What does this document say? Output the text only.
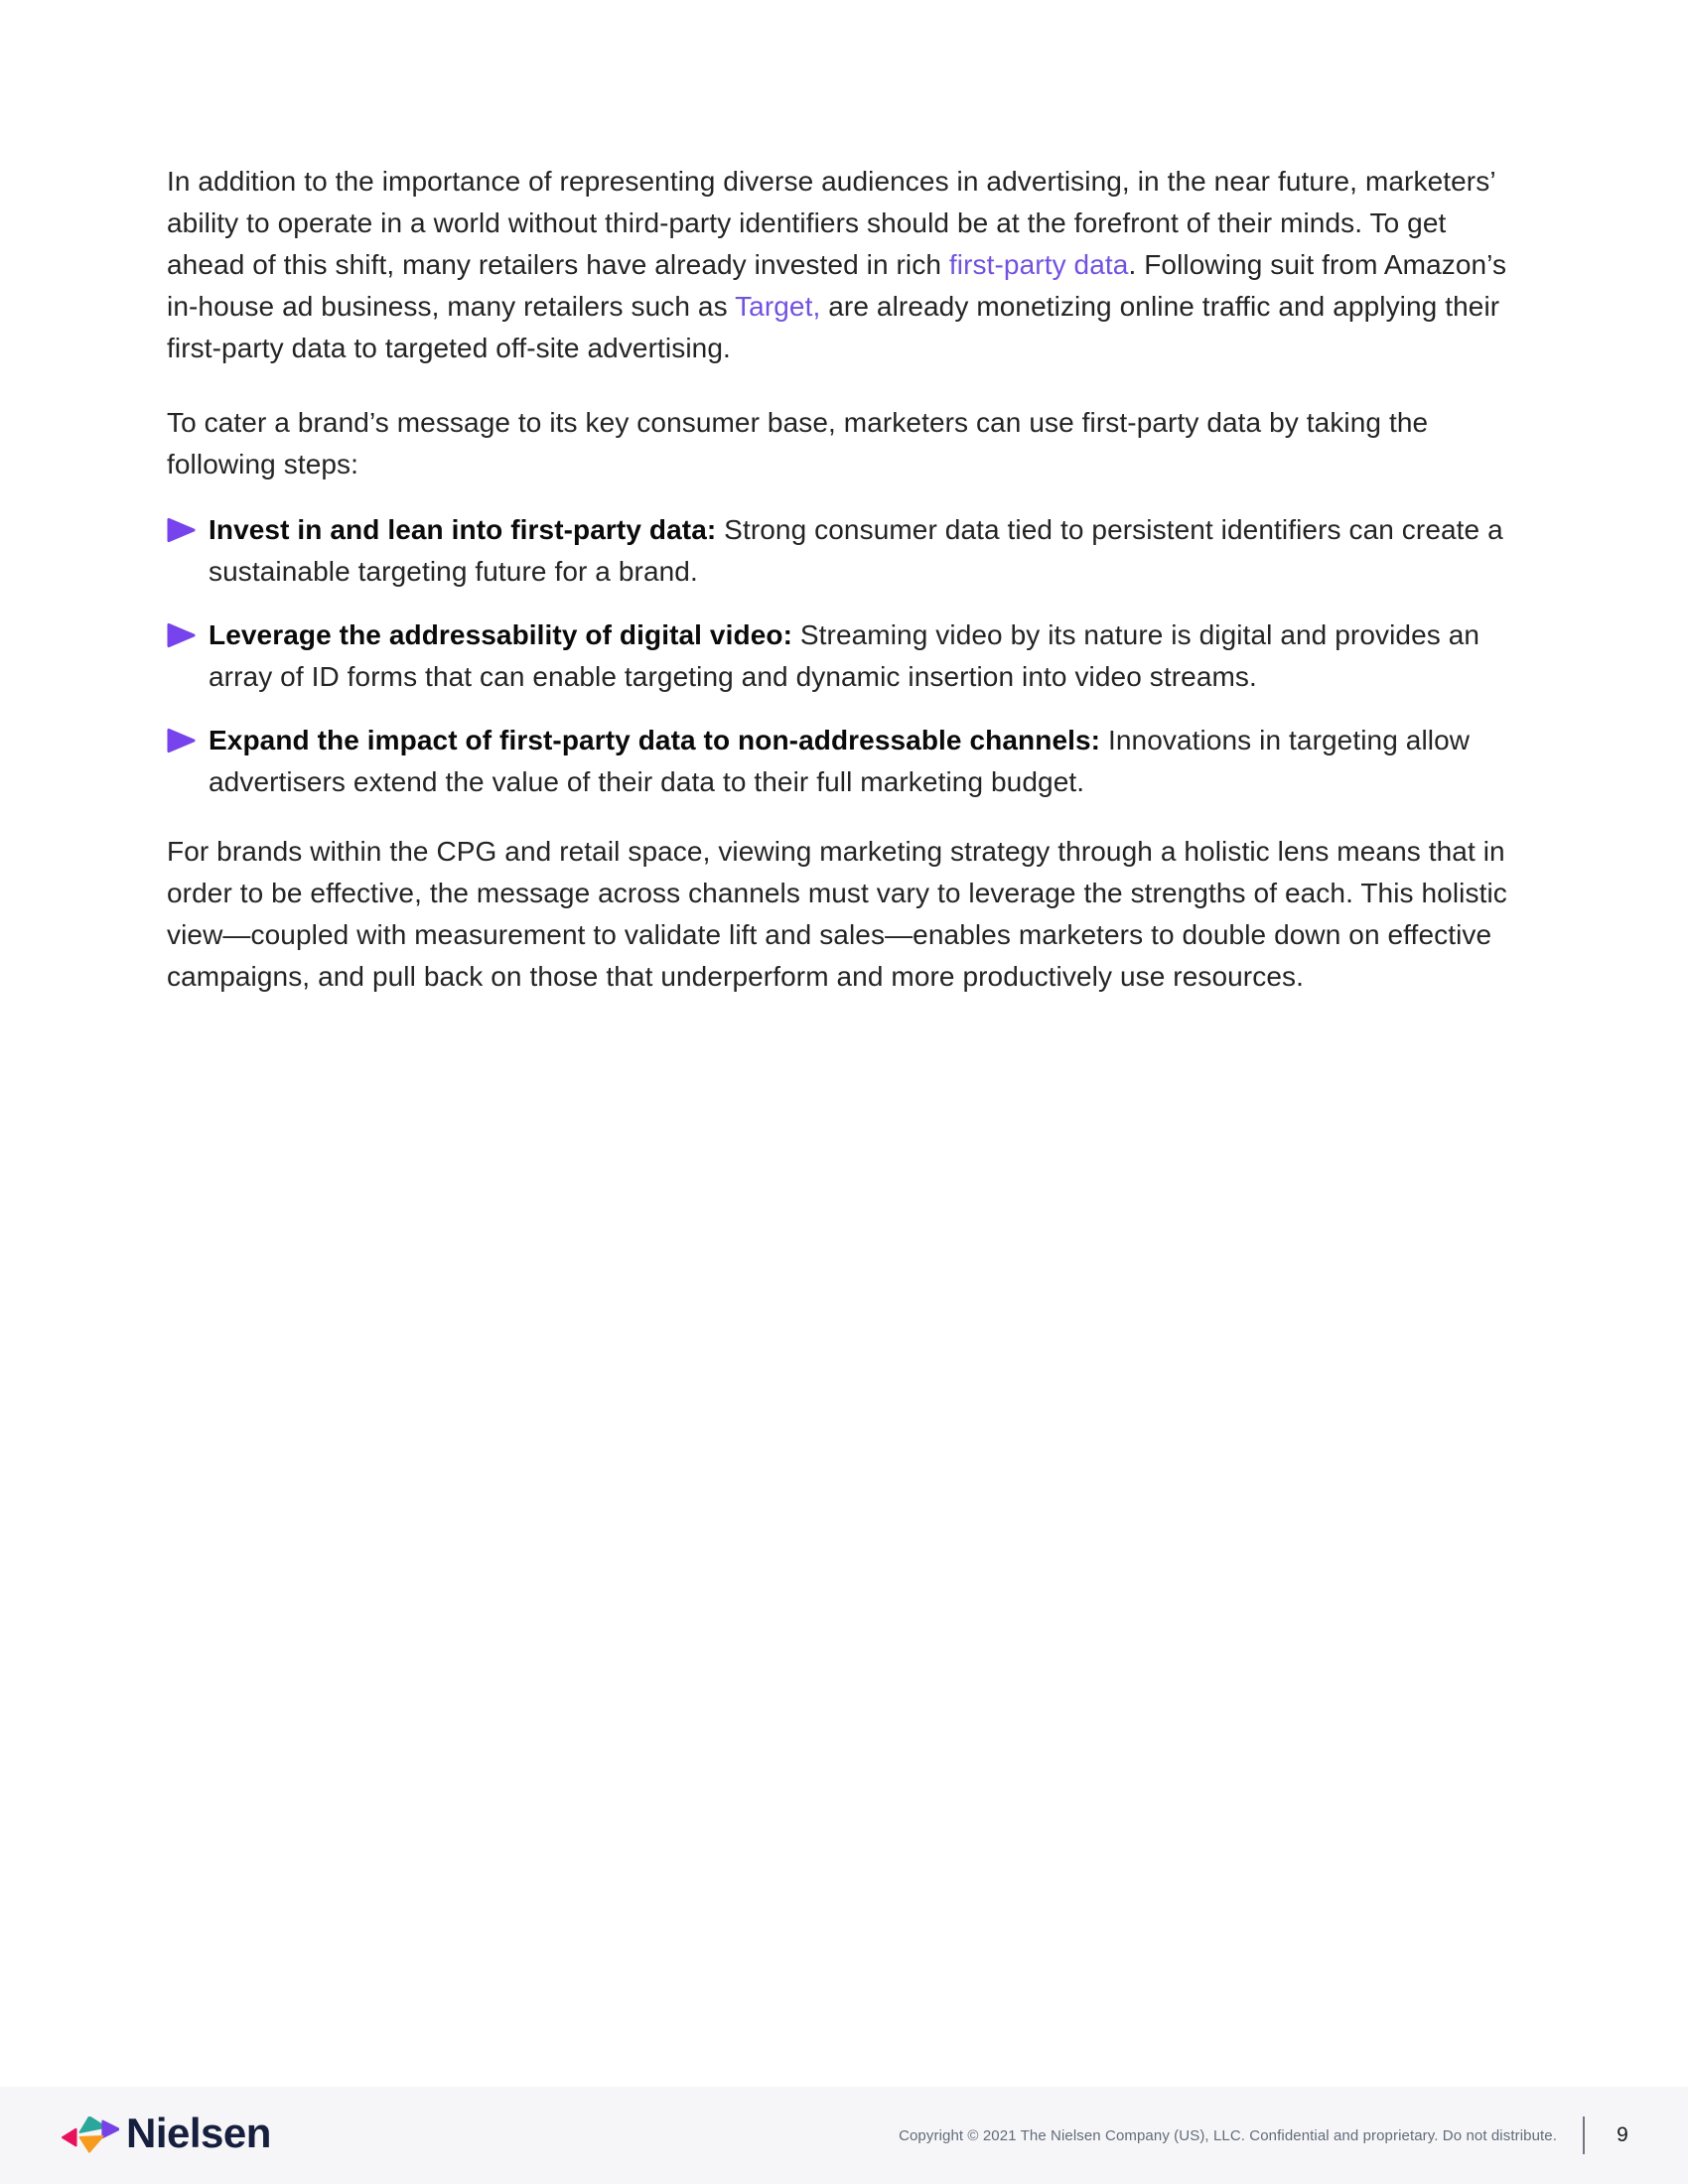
In addition to the importance of representing diverse audiences in advertising, in the near future, marketers’ ability to operate in a world without third-party identifiers should be at the forefront of their minds. To get ahead of this shift, many retailers have already invested in rich first-party data. Following suit from Amazon’s in-house ad business, many retailers such as Target, are already monetizing online traffic and applying their first-party data to targeted off-site advertising.

To cater a brand’s message to its key consumer base, marketers can use first-party data by taking the following steps:

Invest in and lean into first-party data: Strong consumer data tied to persistent identifiers can create a sustainable targeting future for a brand.

Leverage the addressability of digital video: Streaming video by its nature is digital and provides an array of ID forms that can enable targeting and dynamic insertion into video streams.

Expand the impact of first-party data to non-addressable channels: Innovations in targeting allow advertisers extend the value of their data to their full marketing budget.

For brands within the CPG and retail space, viewing marketing strategy through a holistic lens means that in order to be effective, the message across channels must vary to leverage the strengths of each. This holistic view—coupled with measurement to validate lift and sales—enables marketers to double down on effective campaigns, and pull back on those that underperform and more productively use resources.

Nielsen	Copyright © 2021 The Nielsen Company (US), LLC. Confidential and proprietary. Do not distribute.	9
